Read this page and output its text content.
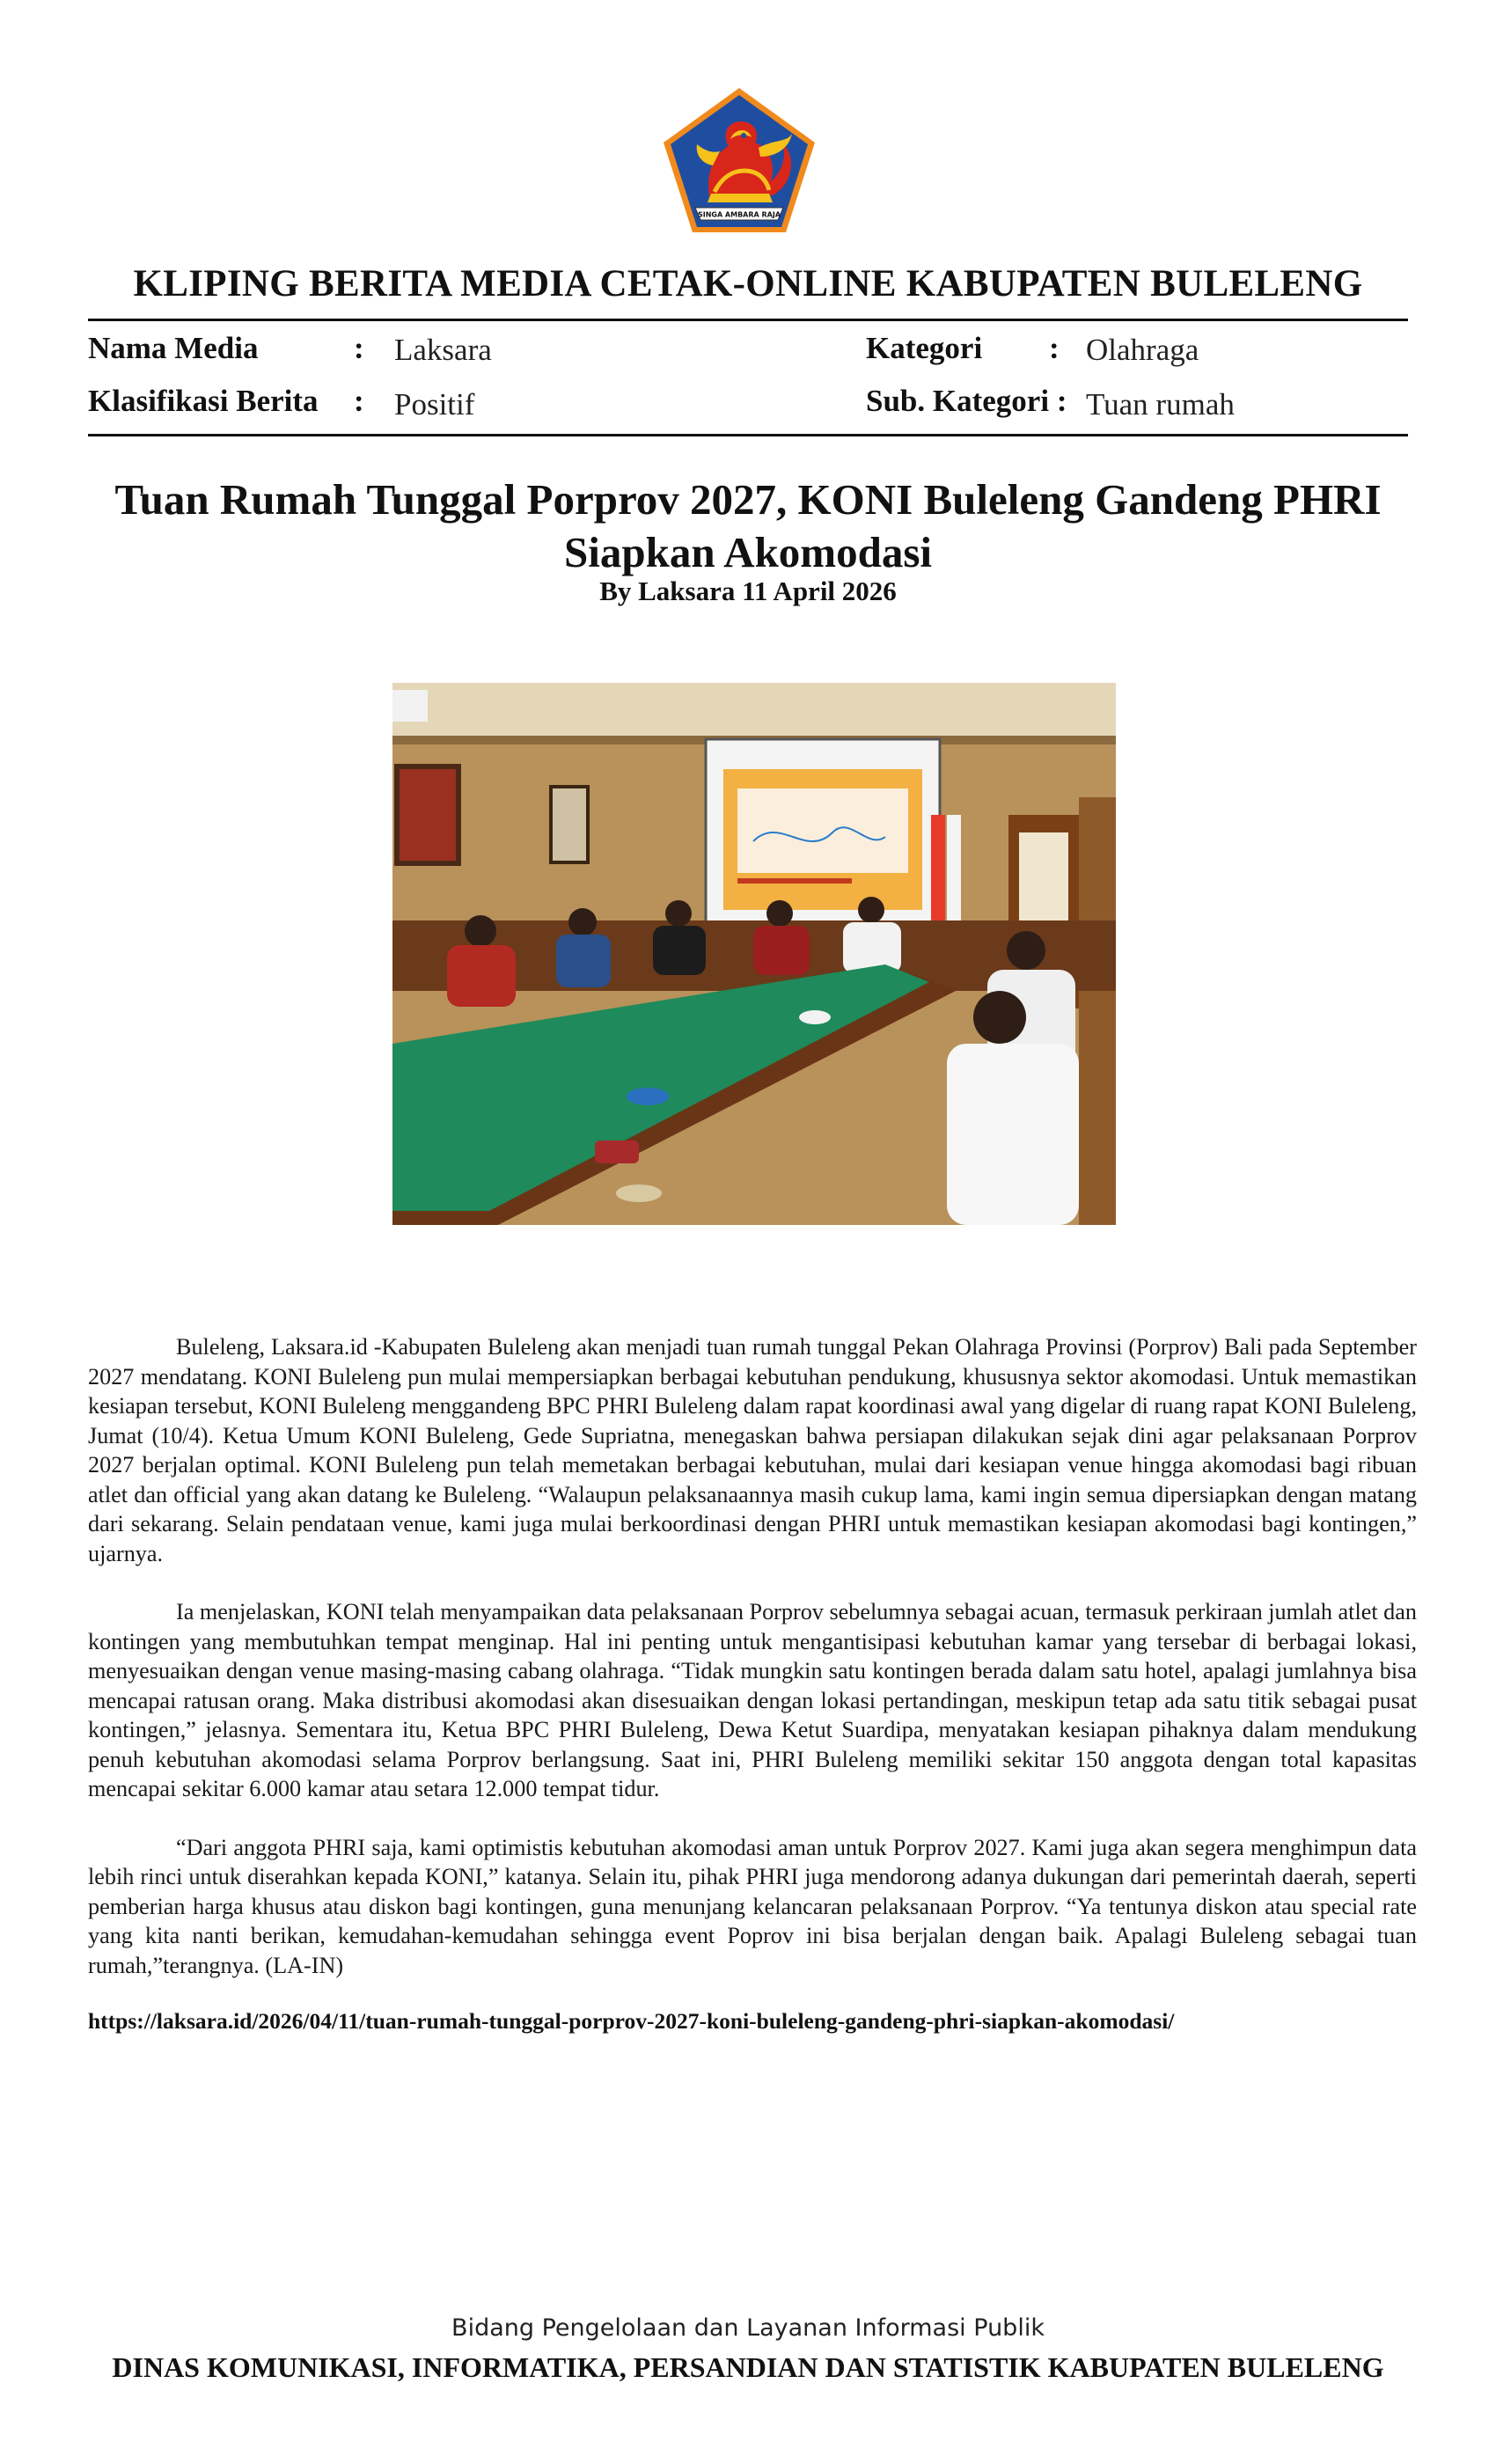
SINGA AMBARA RAJA
KLIPING BERITA MEDIA CETAK-ONLINE KABUPATEN BULELENG
Nama Media	: Laksara
Klasifikasi Berita : Positif
Kategori : Olahraga
Sub. Kategori : Tuan rumah
Tuan Rumah Tunggal Porprov 2027, KONI Buleleng Gandeng PHRI
Siapkan Akomodasi
By Laksara 11 April 2026

Buleleng, Laksara.id -Kabupaten Buleleng akan menjadi tuan rumah tunggal Pekan Olahraga Provinsi (Porprov) Bali pada September 2027 mendatang. KONI Buleleng pun mulai mempersiapkan berbagai kebutuhan pendukung, khususnya sektor akomodasi. Untuk memastikan kesiapan tersebut, KONI Buleleng menggandeng BPC PHRI Buleleng dalam rapat koordinasi awal yang digelar di ruang rapat KONI Buleleng, Jumat (10/4). Ketua Umum KONI Buleleng, Gede Supriatna, menegaskan bahwa persiapan dilakukan sejak dini agar pelaksanaan Porprov 2027 berjalan optimal. KONI Buleleng pun telah memetakan berbagai kebutuhan, mulai dari kesiapan venue hingga akomodasi bagi ribuan atlet dan official yang akan datang ke Buleleng. “Walaupun pelaksanaannya masih cukup lama, kami ingin semua dipersiapkan dengan matang dari sekarang. Selain pendataan venue, kami juga mulai berkoordinasi dengan PHRI untuk memastikan kesiapan akomodasi bagi kontingen,” ujarnya.

Ia menjelaskan, KONI telah menyampaikan data pelaksanaan Porprov sebelumnya sebagai acuan, termasuk perkiraan jumlah atlet dan kontingen yang membutuhkan tempat menginap. Hal ini penting untuk mengantisipasi kebutuhan kamar yang tersebar di berbagai lokasi, menyesuaikan dengan venue masing-masing cabang olahraga. “Tidak mungkin satu kontingen berada dalam satu hotel, apalagi jumlahnya bisa mencapai ratusan orang. Maka distribusi akomodasi akan disesuaikan dengan lokasi pertandingan, meskipun tetap ada satu titik sebagai pusat kontingen,” jelasnya. Sementara itu, Ketua BPC PHRI Buleleng, Dewa Ketut Suardipa, menyatakan kesiapan pihaknya dalam mendukung penuh kebutuhan akomodasi selama Porprov berlangsung. Saat ini, PHRI Buleleng memiliki sekitar 150 anggota dengan total kapasitas mencapai sekitar 6.000 kamar atau setara 12.000 tempat tidur.

“Dari anggota PHRI saja, kami optimistis kebutuhan akomodasi aman untuk Porprov 2027. Kami juga akan segera menghimpun data lebih rinci untuk diserahkan kepada KONI,” katanya. Selain itu, pihak PHRI juga mendorong adanya dukungan dari pemerintah daerah, seperti pemberian harga khusus atau diskon bagi kontingen, guna menunjang kelancaran pelaksanaan Porprov. “Ya tentunya diskon atau special rate yang kita nanti berikan, kemudahan-kemudahan sehingga event Poprov ini bisa berjalan dengan baik. Apalagi Buleleng sebagai tuan rumah,”terangnya. (LA-IN)

https://laksara.id/2026/04/11/tuan-rumah-tunggal-porprov-2027-koni-buleleng-gandeng-phri-siapkan-akomodasi/
Bidang Pengelolaan dan Layanan Informasi Publik
DINAS KOMUNIKASI, INFORMATIKA, PERSANDIAN DAN STATISTIK KABUPATEN BULELENG
